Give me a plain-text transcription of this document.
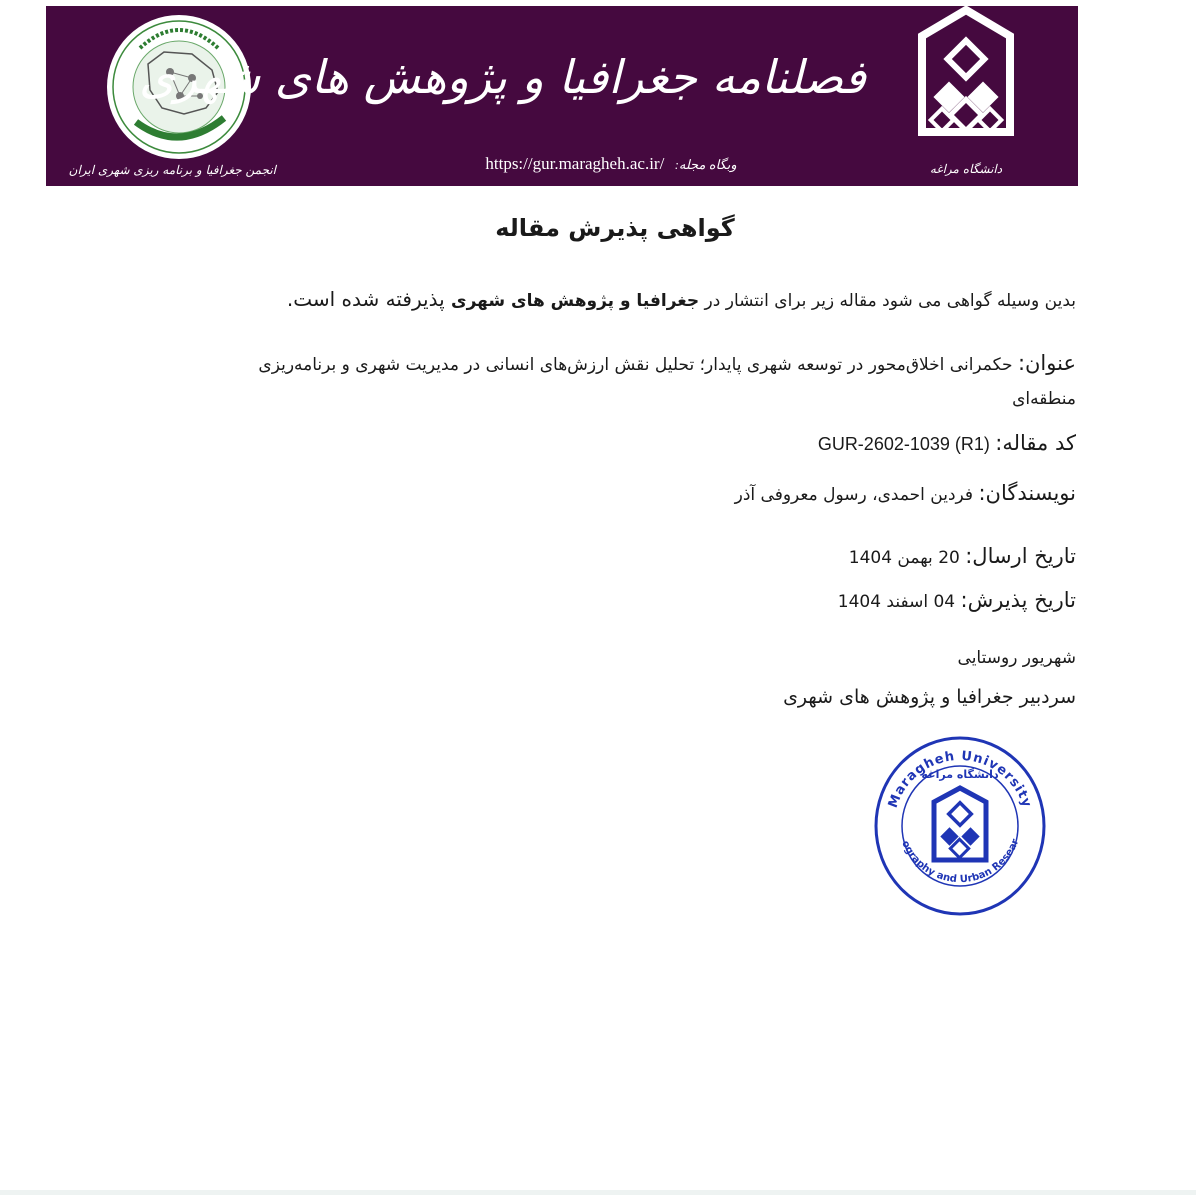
انجمن جغرافیا و برنامه ریزی شهری ایران
فصلنامه جغرافیا و پژوهش های شهری
وبگاه مجله: https://gur.maragheh.ac.ir/	دانشگاه مراغه
گواهی پذیرش مقاله
بدین وسیله گواهی می شود مقاله زیر برای انتشار در جغرافیا و پژوهش های شهری پذیرفته شده است.
عنوان: حکمرانی اخلاق‌محور در توسعه شهری پایدار؛ تحلیل نقش ارزش‌های انسانی در مدیریت شهری و برنامه‌ریزی منطقه‌ای
کد مقاله: GUR-2602-1039 (R1)
نویسندگان: فردین احمدی، رسول معروفی آذر
تاریخ ارسال: 20 بهمن 1404
تاریخ پذیرش: 04 اسفند 1404
شهریور روستایی
سردبیر جغرافیا و پژوهش های شهری
Maragheh University
ography and Urban Resear
دانشگاه مراغه
